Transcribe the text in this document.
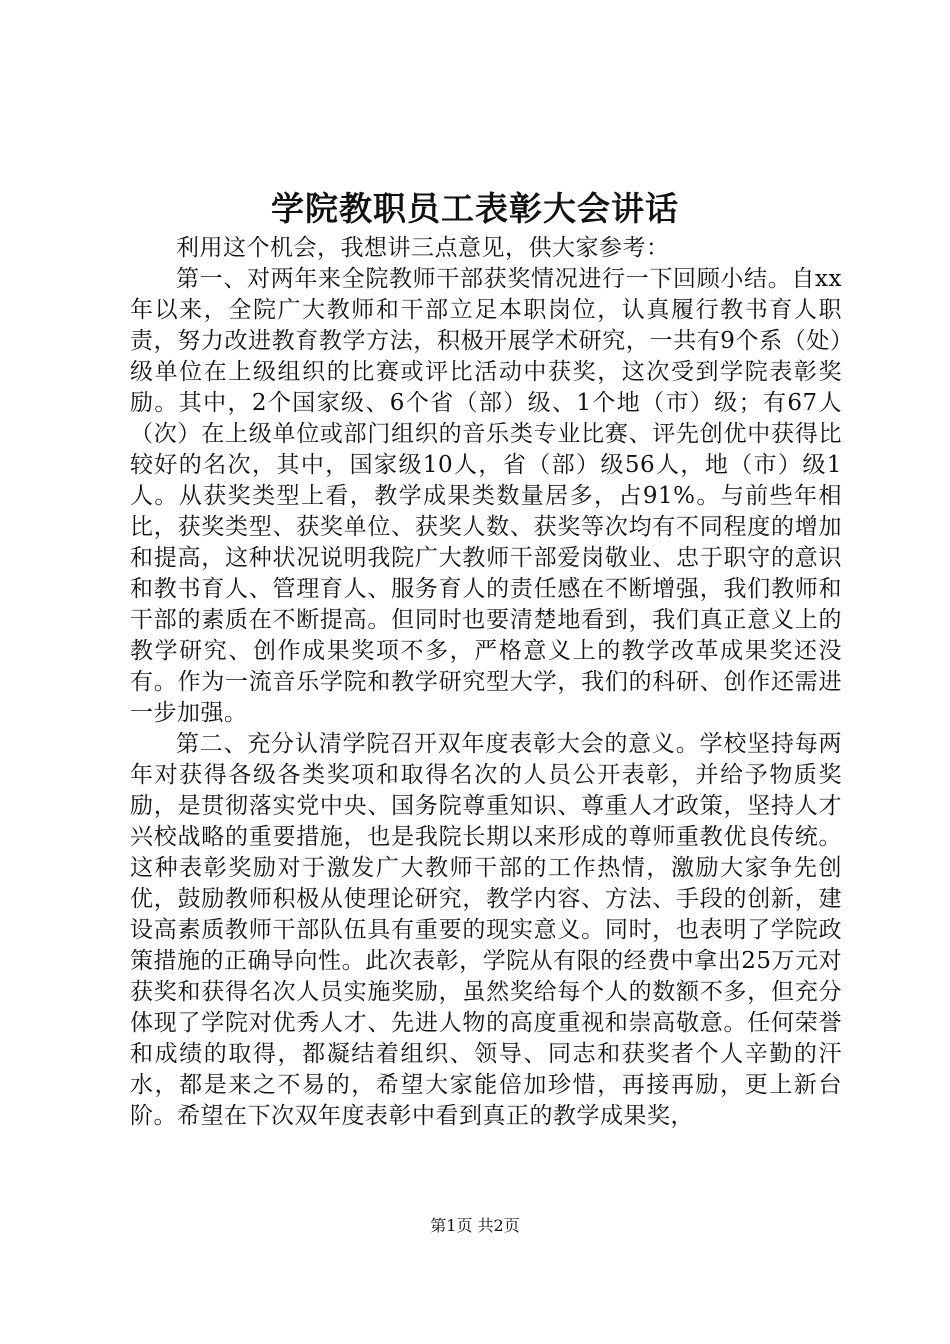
学院教职员工表彰大会讲话

利用这个机会，我想讲三点意见，供大家参考：

第一、对两年来全院教师干部获奖情况进行一下回顾小结。自xx年以来，全院广大教师和干部立足本职岗位，认真履行教书育人职责，努力改进教育教学方法，积极开展学术研究，一共有9个系（处）级单位在上级组织的比赛或评比活动中获奖，这次受到学院表彰奖励。其中，2个国家级、6个省（部）级、1个地（市）级；有67人（次）在上级单位或部门组织的音乐类专业比赛、评先创优中获得比较好的名次，其中，国家级10人，省（部）级56人，地（市）级1人。从获奖类型上看，教学成果类数量居多，占91%。与前些年相比，获奖类型、获奖单位、获奖人数、获奖等次均有不同程度的增加和提高，这种状况说明我院广大教师干部爱岗敬业、忠于职守的意识和教书育人、管理育人、服务育人的责任感在不断增强，我们教师和干部的素质在不断提高。但同时也要清楚地看到，我们真正意义上的教学研究、创作成果奖项不多，严格意义上的教学改革成果奖还没有。作为一流音乐学院和教学研究型大学，我们的科研、创作还需进一步加强。

第二、充分认清学院召开双年度表彰大会的意义。学校坚持每两年对获得各级各类奖项和取得名次的人员公开表彰，并给予物质奖励，是贯彻落实党中央、国务院尊重知识、尊重人才政策，坚持人才兴校战略的重要措施，也是我院长期以来形成的尊师重教优良传统。这种表彰奖励对于激发广大教师干部的工作热情，激励大家争先创优，鼓励教师积极从使理论研究，教学内容、方法、手段的创新，建设高素质教师干部队伍具有重要的现实意义。同时，也表明了学院政策措施的正确导向性。此次表彰，学院从有限的经费中拿出25万元对获奖和获得名次人员实施奖励，虽然奖给每个人的数额不多，但充分体现了学院对优秀人才、先进人物的高度重视和崇高敬意。任何荣誉和成绩的取得，都凝结着组织、领导、同志和获奖者个人辛勤的汗水，都是来之不易的，希望大家能倍加珍惜，再接再励，更上新台阶。希望在下次双年度表彰中看到真正的教学成果奖，

第1页 共2页
